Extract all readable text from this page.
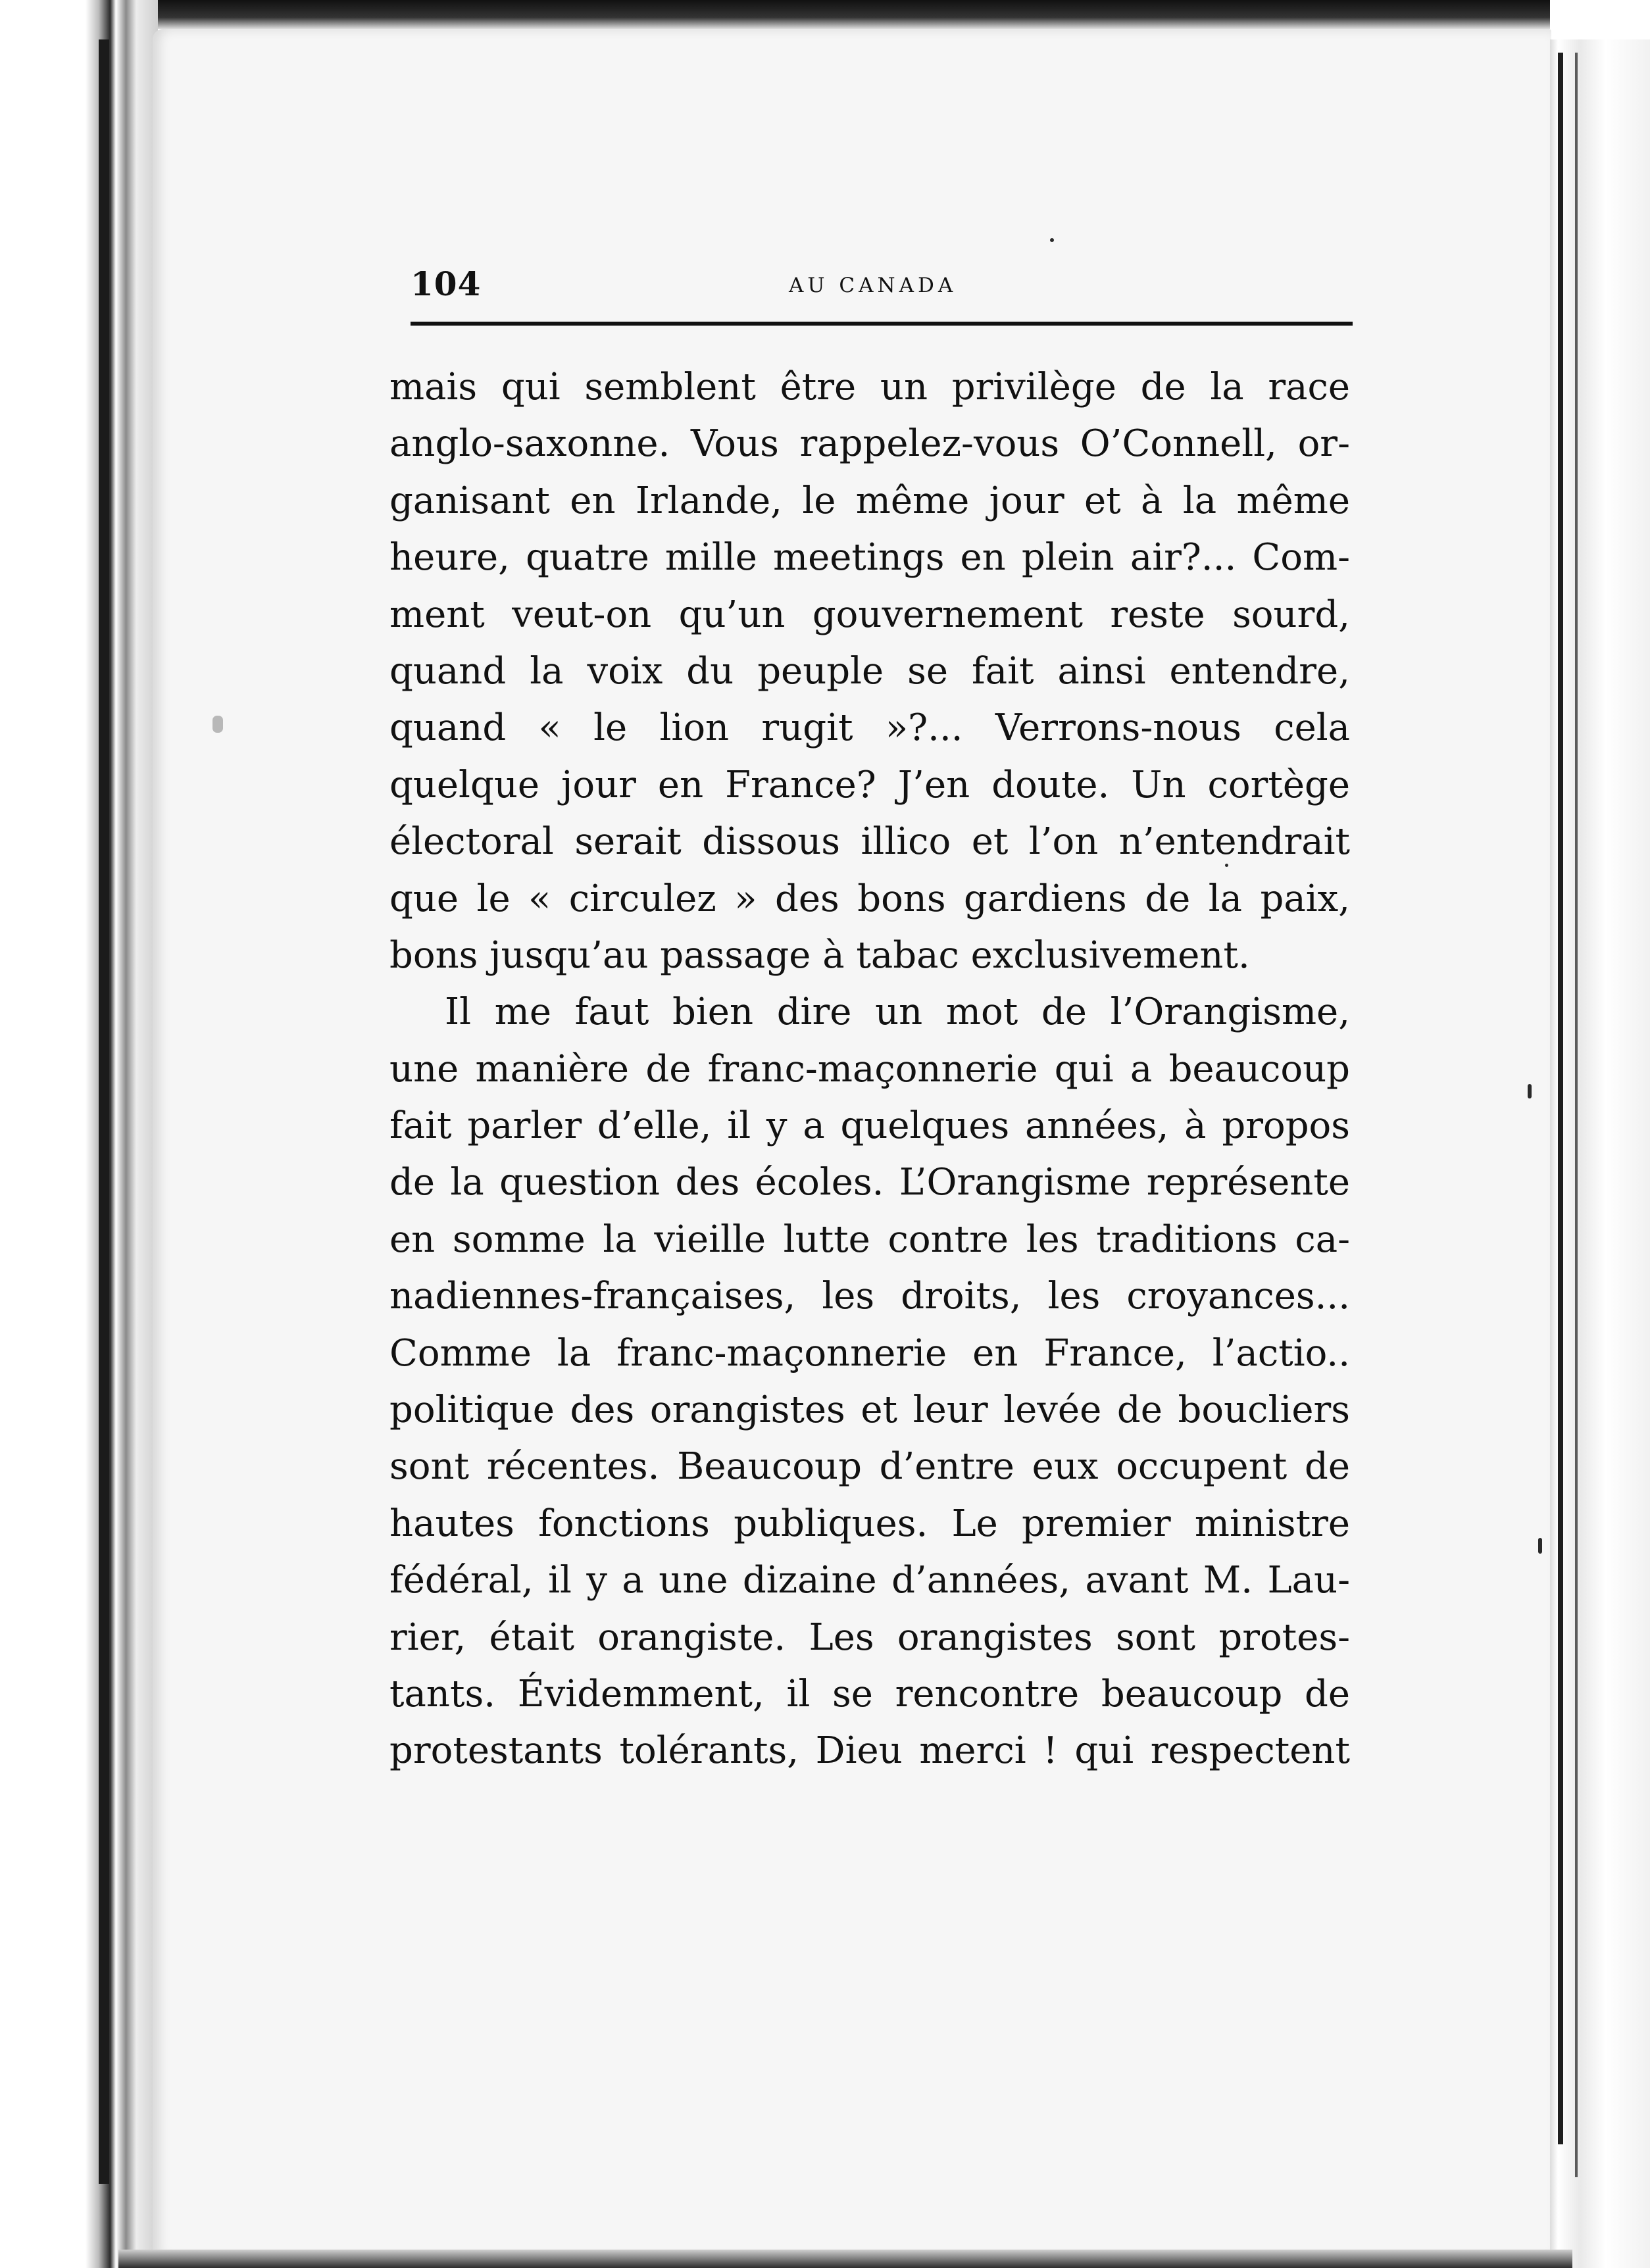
104	AU CANADA
mais qui semblent être un privilège de la race
anglo-saxonne. Vous rappelez-vous O’Connell, or-
ganisant en Irlande, le même jour et à la même
heure, quatre mille meetings en plein air?... Com-
ment veut-on qu’un gouvernement reste sourd,
quand la voix du peuple se fait ainsi entendre,
quand « le lion rugit »?... Verrons-nous cela
quelque jour en France? J’en doute. Un cortège
électoral serait dissous illico et l’on n’entendrait
que le « circulez » des bons gardiens de la paix,
bons jusqu’au passage à tabac exclusivement.
Il me faut bien dire un mot de l’Orangisme,
une manière de franc-maçonnerie qui a beaucoup
fait parler d’elle, il y a quelques années, à propos
de la question des écoles. L’Orangisme représente
en somme la vieille lutte contre les traditions ca-
nadiennes-françaises, les droits, les croyances...
Comme la franc-maçonnerie en France, l’actio..
politique des orangistes et leur levée de boucliers
sont récentes. Beaucoup d’entre eux occupent de
hautes fonctions publiques. Le premier ministre
fédéral, il y a une dizaine d’années, avant M. Lau-
rier, était orangiste. Les orangistes sont protes-
tants. Évidemment, il se rencontre beaucoup de
protestants tolérants, Dieu merci ! qui respectent
